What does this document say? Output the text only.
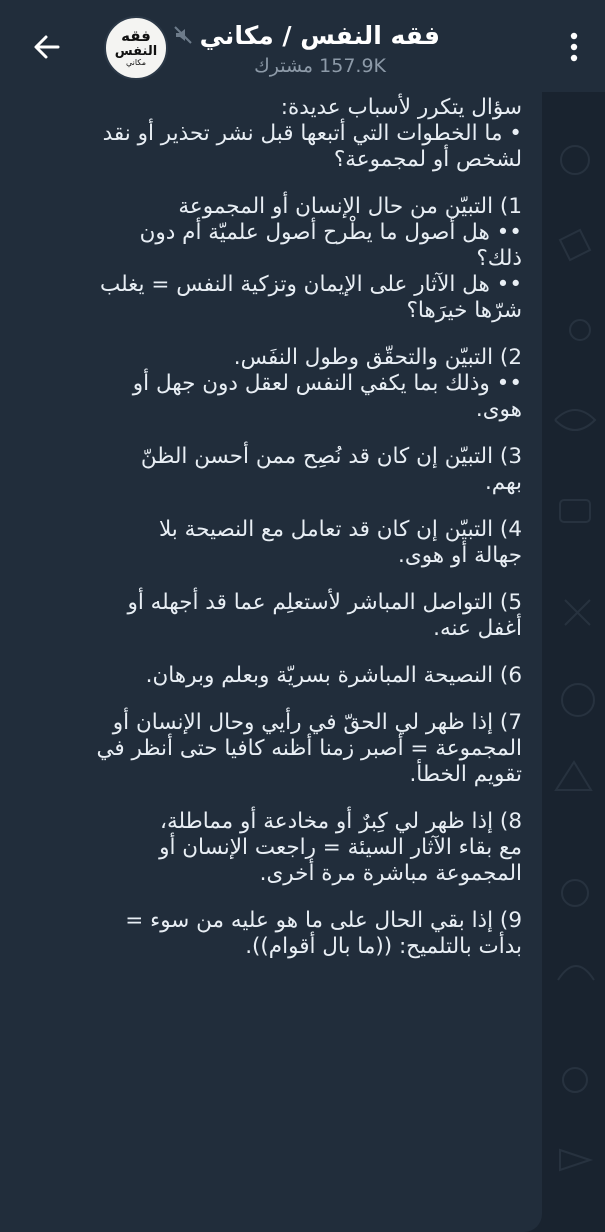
فقه
النفس
مكاني
فقه النفس / مكاني
157.9K مشترك
سؤال يتكرر لأسباب عديدة:
• ما الخطوات التي أتبعها قبل نشر تحذير أو نقد
لشخص أو لمجموعة؟
1) التبيّن من حال الإنسان أو المجموعة
•• هل أصول ما يطْرح أصول علميّة أم دون
ذلك؟
•• هل الآثار على الإيمان وتزكية النفس = يغلب
شرّها خيرَها؟
2) التبيّن والتحقّق وطول النفَس.
•• وذلك بما يكفي النفس لعقل دون جهل أو
هوى.
3) التبيّن إن كان قد نُصِح ممن أحسن الظنّ
بهم.
4) التبيّن إن كان قد تعامل مع النصيحة بلا
جهالة أو هوى.
5) التواصل المباشر لأستعلِم عما قد أجهله أو
أغفل عنه.
6) النصيحة المباشرة بسريّة وبعلم وبرهان.
7) إذا ظهر لي الحقّ في رأيي وحال الإنسان أو
المجموعة = أصبر زمنا أظنه كافيا حتى أنظر في
تقويم الخطأ.
8) إذا ظهر لي كِبرٌ أو مخادعة أو مماطلة،
مع بقاء الآثار السيئة = راجعت الإنسان أو
المجموعة مباشرة مرة أخرى.
9) إذا بقي الحال على ما هو عليه من سوء =
بدأت بالتلميح: ((ما بال أقوام)).
